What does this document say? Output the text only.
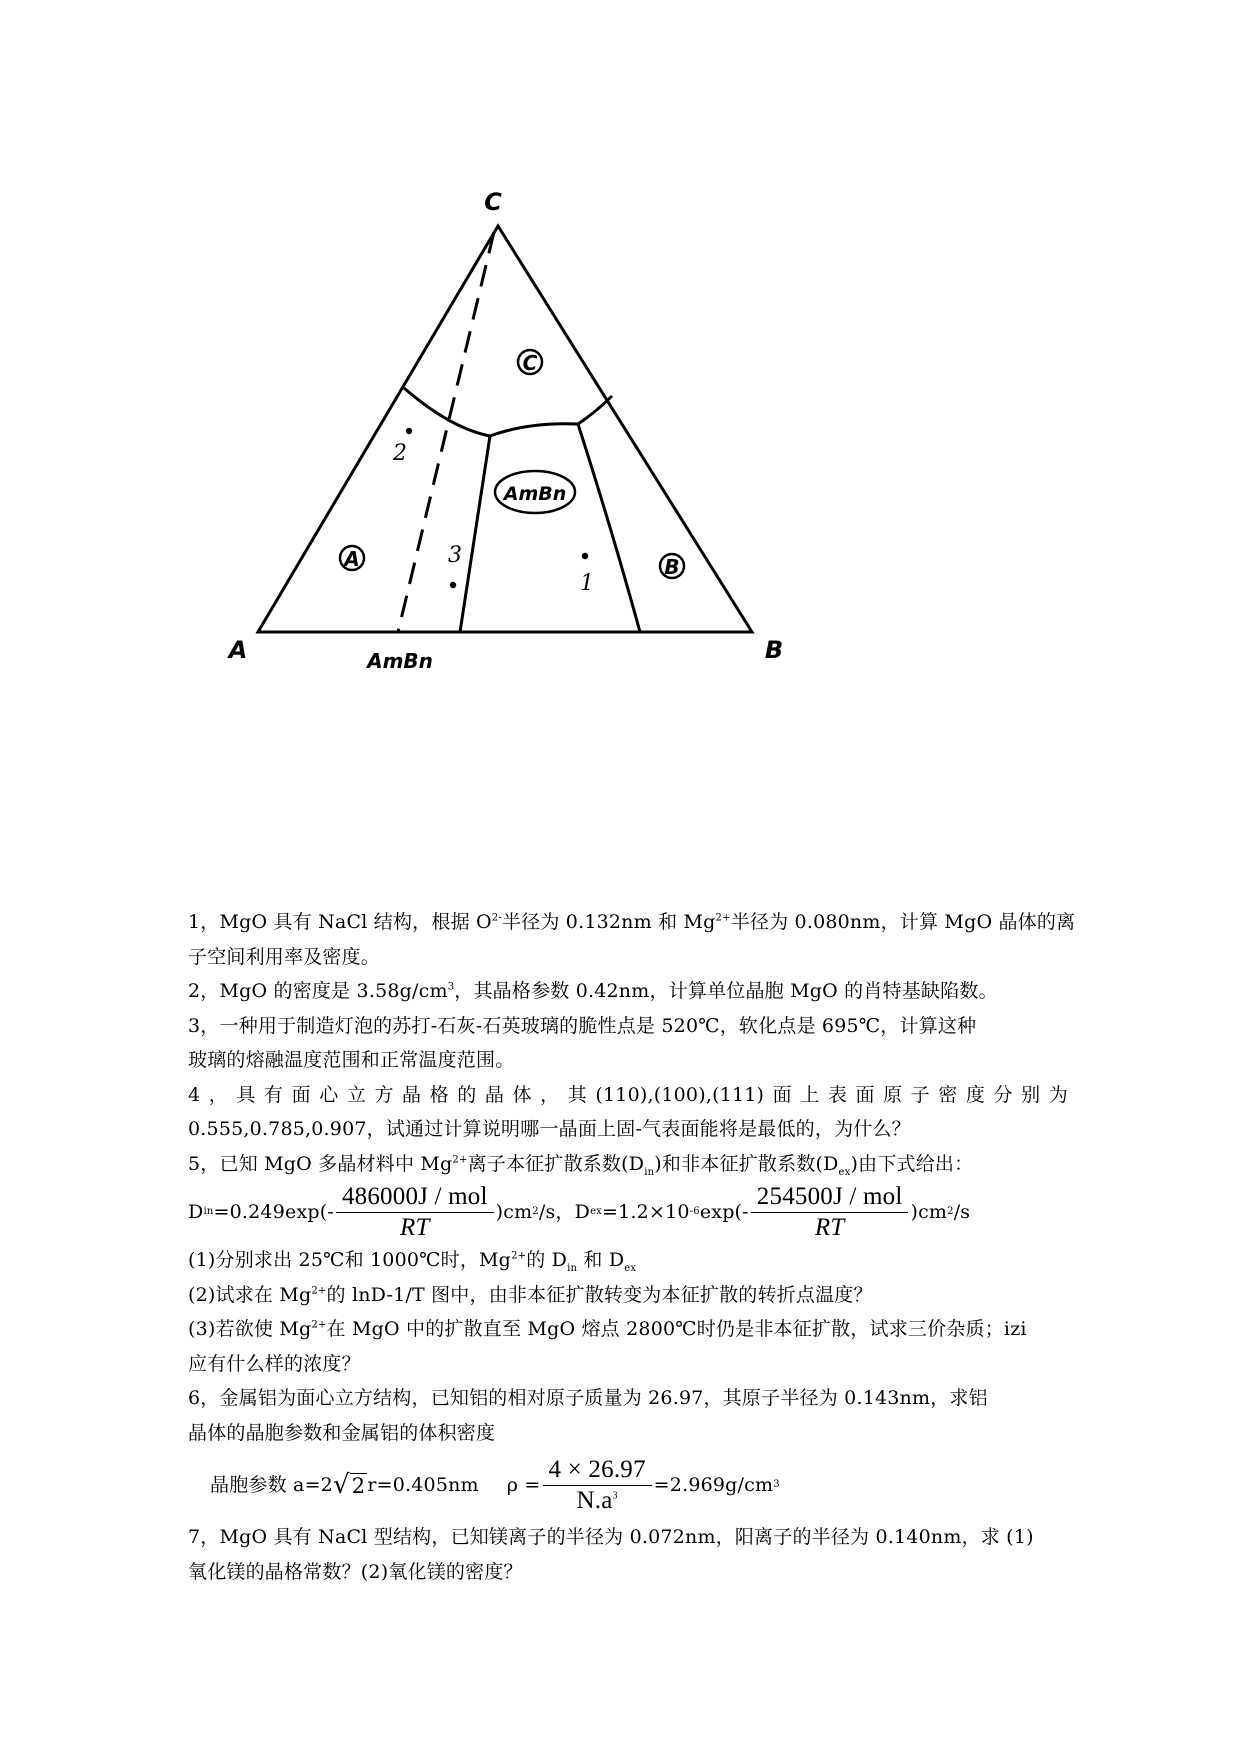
C
A	B
AmBn
C
A	B
AmBn
2
3
1
1，MgO 具有 NaCl 结构，根据 $O^{2-}$半径为 0.132nm 和 $Mg^{2+}$半径为 0.080nm，计算 MgO 晶体的离
子空间利用率及密度。
2，MgO 的密度是 $3.58g/cm^3$，其晶格参数 0.42nm，计算单位晶胞 MgO 的肖特基缺陷数。
3，一种用于制造灯泡的苏打-石灰-石英玻璃的脆性点是 520℃，软化点是 695℃，计算这种
玻璃的熔融温度范围和正常温度范围。
4，具有面心立方晶格的晶体，其(110),(100),(111)面上表面原子密度分别为
0.555,0.785,0.907，试通过计算说明哪一晶面上固-气表面能将是最低的，为什么？
5，已知 MgO 多晶材料中 $Mg^{2+}$离子本征扩散系数$(D_{in})$和非本征扩散系数$(D_{ex})$由下式给出：
D in $=0.249\exp(- \frac{\text{486000J / mol}}{RT} )cm$ 2 /s， D ex =1.2×10 -6 $\exp(- \frac{\text{254500J / mol}}{RT} )cm$ 2 /s
(1)分别求出 25℃和 1000℃时，$Mg^{2+}$的 $D_{in}$ 和 $D_{ex}$
(2)试求在 $Mg^{2+}$的 lnD-1/T 图中，由非本征扩散转变为本征扩散的转折点温度？
(3)若欲使 $Mg^{2+}$在 MgO 中的扩散直至 MgO 熔点 2800℃时仍是非本征扩散，试求三价杂质；izi
应有什么样的浓度？
6，金属铝为面心立方结构，已知铝的相对原子质量为 26.97，其原子半径为 0.143nm，求铝
晶体的晶胞参数和金属铝的体积密度
晶胞参数 a=2 √ 2 r=0.405nm $\rho = \frac{4 \times 26.97}{N.a^3} =2.969g/cm$ 3
7，MgO 具有 NaCl 型结构，已知镁离子的半径为 0.072nm，阳离子的半径为 0.140nm，求 (1)
氧化镁的晶格常数？(2)氧化镁的密度？
